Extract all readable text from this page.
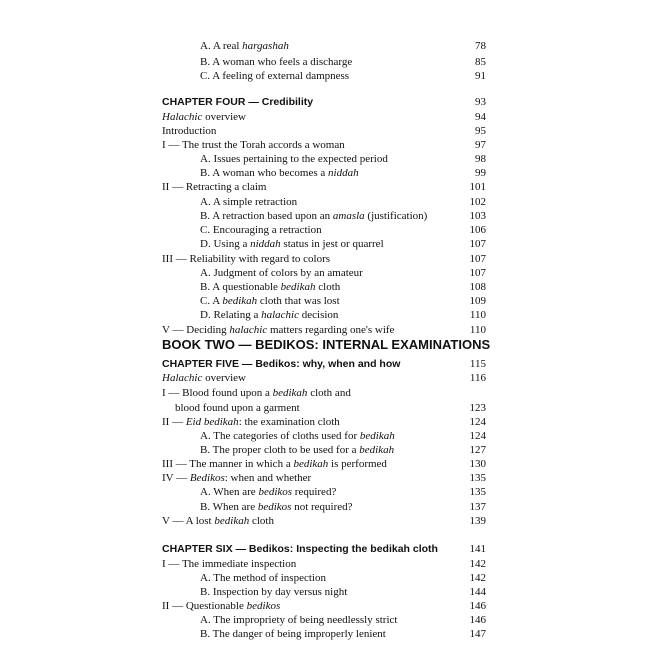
A. A real hargashah	78
B. A woman who feels a discharge	85
C. A feeling of external dampness	91
CHAPTER FOUR — Credibility	93
Halachic overview	94
Introduction	95
I — The trust the Torah accords a woman	97
A. Issues pertaining to the expected period	98
B. A woman who becomes a niddah	99
II — Retracting a claim	101
A. A simple retraction	102
B. A retraction based upon an amasla (justification)	103
C. Encouraging a retraction	106
D. Using a niddah status in jest or quarrel	107
III — Reliability with regard to colors	107
A. Judgment of colors by an amateur	107
B. A questionable bedikah cloth	108
C. A bedikah cloth that was lost	109
D. Relating a halachic decision	110
V — Deciding halachic matters regarding one's wife	110
BOOK TWO — BEDIKOS: INTERNAL EXAMINATIONS
CHAPTER FIVE — Bedikos: why, when and how	115
Halachic overview	116
I — Blood found upon a bedikah cloth and
blood found upon a garment	123
II — Eid bedikah: the examination cloth	124
A. The categories of cloths used for bedikah	124
B. The proper cloth to be used for a bedikah	127
III — The manner in which a bedikah is performed	130
IV — Bedikos: when and whether	135
A. When are bedikos required?	135
B. When are bedikos not required?	137
V — A lost bedikah cloth	139
CHAPTER SIX — Bedikos: Inspecting the bedikah cloth	141
I — The immediate inspection	142
A. The method of inspection	142
B. Inspection by day versus night	144
II — Questionable bedikos	146
A. The impropriety of being needlessly strict	146
B. The danger of being improperly lenient	147
